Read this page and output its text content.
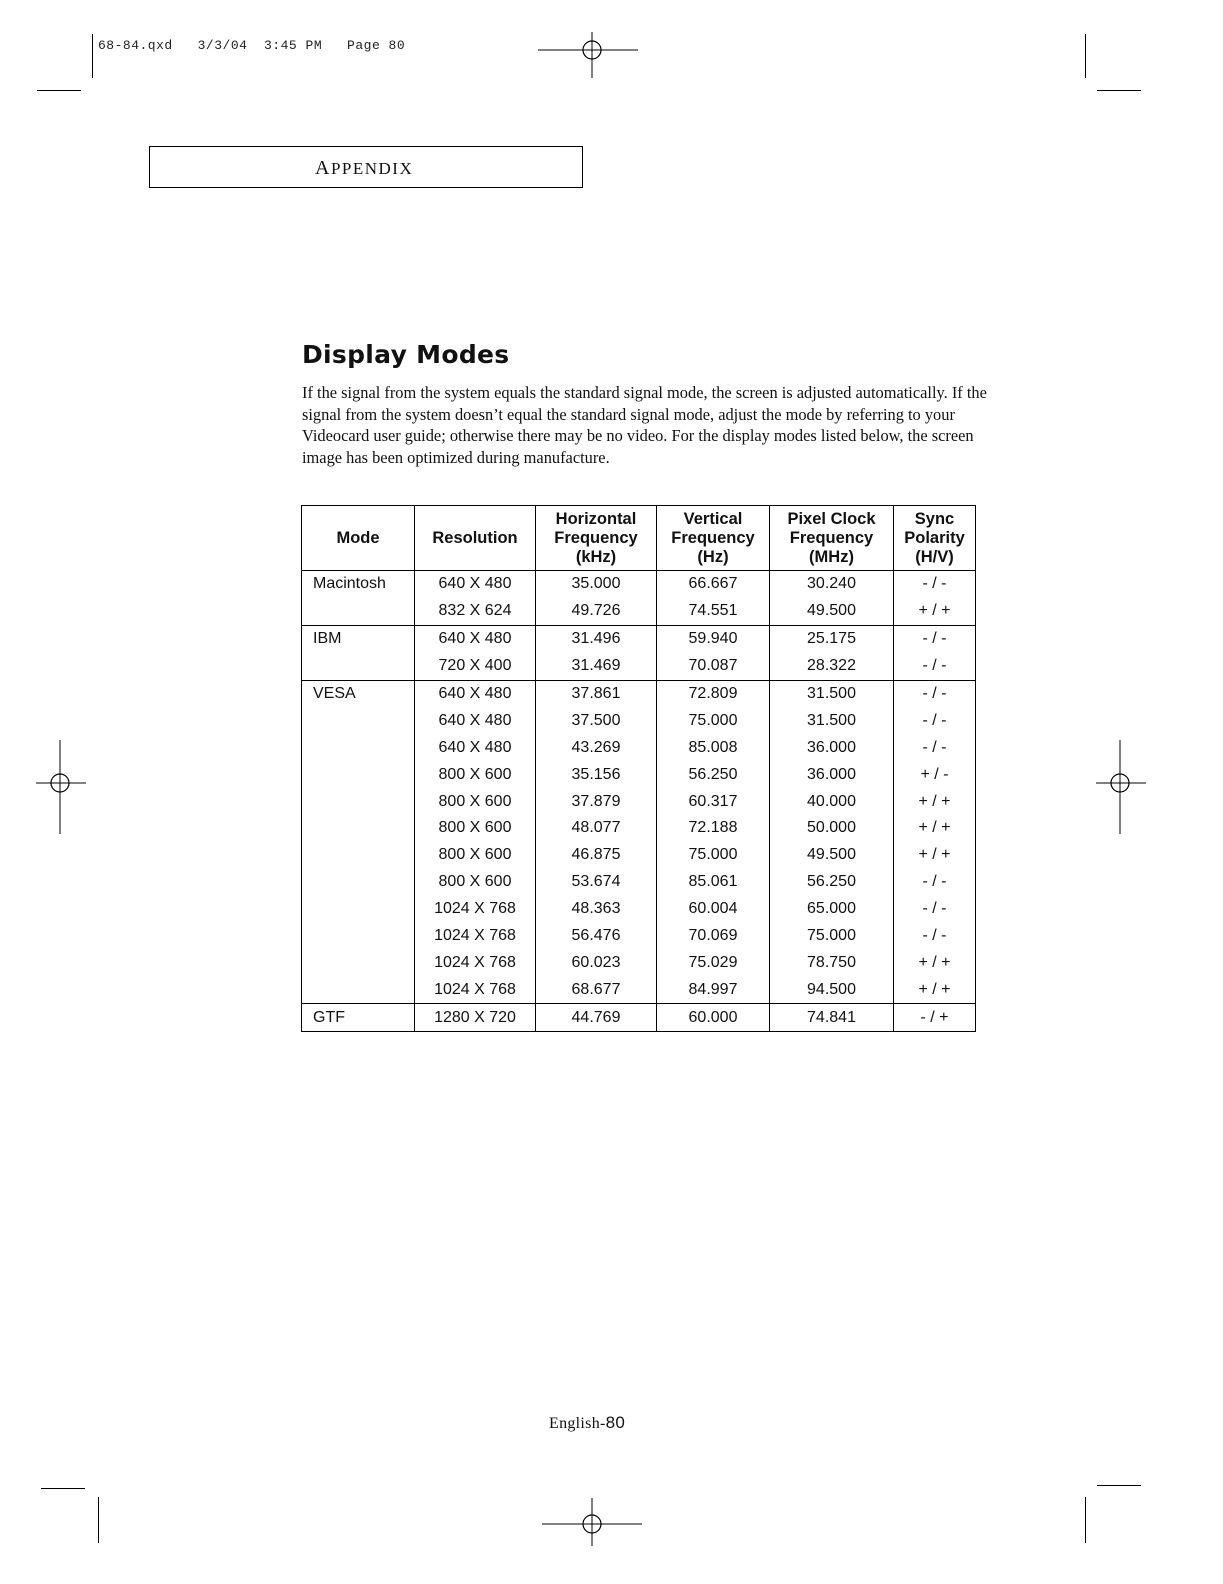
68-84.qxd   3/3/04  3:45 PM   Page 80
APPENDIX
Display Modes
If the signal from the system equals the standard signal mode, the screen is adjusted automatically. If the signal from the system doesn’t equal the standard signal mode, adjust the mode by referring to your Videocard user guide; otherwise there may be no video. For the display modes listed below, the screen image has been optimized during manufacture.
Mode	Resolution	Horizontal
Frequency
(kHz)	Vertical
Frequency
(Hz)	Pixel Clock
Frequency
(MHz)	Sync
Polarity
(H/V)
Macintosh	640 X 480	35.000	66.667	30.240	- / -
	832 X 624	49.726	74.551	49.500	+ / +
IBM	640 X 480	31.496	59.940	25.175	- / -
	720 X 400	31.469	70.087	28.322	- / -
VESA	640 X 480	37.861	72.809	31.500	- / -
	640 X 480	37.500	75.000	31.500	- / -
	640 X 480	43.269	85.008	36.000	- / -
	800 X 600	35.156	56.250	36.000	+ / -
	800 X 600	37.879	60.317	40.000	+ / +
	800 X 600	48.077	72.188	50.000	+ / +
	800 X 600	46.875	75.000	49.500	+ / +
	800 X 600	53.674	85.061	56.250	- / -
	1024 X 768	48.363	60.004	65.000	- / -
	1024 X 768	56.476	70.069	75.000	- / -
	1024 X 768	60.023	75.029	78.750	+ / +
	1024 X 768	68.677	84.997	94.500	+ / +
GTF	1280 X 720	44.769	60.000	74.841	- / +
English-80
